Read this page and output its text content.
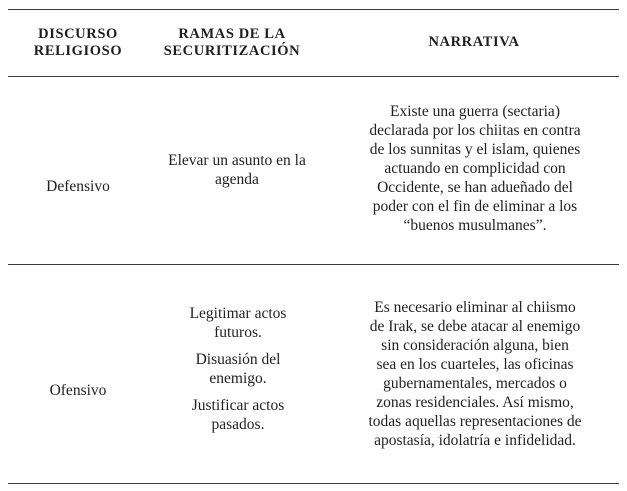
DISCURSO

RELIGIOSO

RAMAS DE LA

SECURITIZACIÓN

NARRATIVA

Defensivo

Elevar un asunto en la

agenda

Existe una guerra (sectaria)

declarada por los chiitas en contra

de los sunnitas y el islam, quienes

actuando en complicidad con

Occidente, se han adueñado del

poder con el fin de eliminar a los

“buenos musulmanes”.

Ofensivo

Legitimar actos

futuros.

Disuasión del

enemigo.

Justificar actos

pasados.

Es necesario eliminar al chiismo

de Irak, se debe atacar al enemigo

sin consideración alguna, bien

sea en los cuarteles, las oficinas

gubernamentales, mercados o

zonas residenciales. Así mismo,

todas aquellas representaciones de

apostasía, idolatría e infidelidad.
